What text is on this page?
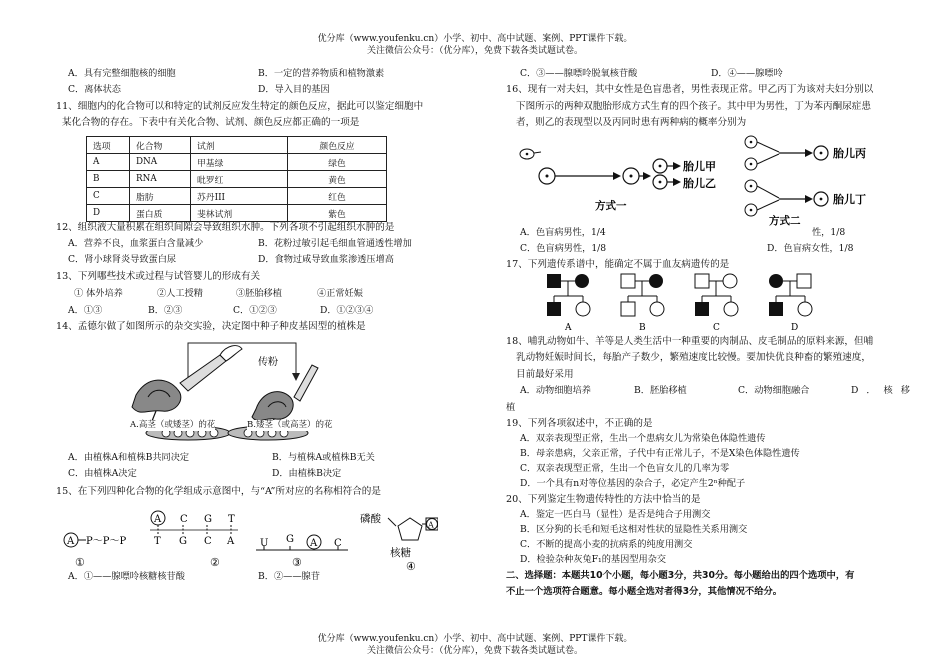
优分库（www.youfenku.cn）小学、初中、高中试题、案例、PPT课件下载。
关注微信公众号：（优分库），免费下载各类试题试卷。
A．具有完整细胞核的细胞	B．一定的营养物质和植物激素
C．离体状态	D．导入目的基因
11、细胞内的化合物可以和特定的试剂反应发生特定的颜色反应，据此可以鉴定细胞中
某化合物的存在。下表中有关化合物、试剂、颜色反应都正确的一项是
选项	化合物	试剂	颜色反应
A	DNA	甲基绿	绿色
B	RNA	吡罗红	黄色
C	脂肪	苏丹III	红色
D	蛋白质	斐林试剂	紫色
12、组织液大量积累在组织间隙会导致组织水肿。下列各项不引起组织水肿的是
A．营养不良，血浆蛋白含量减少	B．花粉过敏引起毛细血管通透性增加
C．肾小球肾炎导致蛋白尿	D．食物过咸导致血浆渗透压增高
13、下列哪些技术或过程与试管婴儿的形成有关
① 体外培养	②人工授精	③胚胎移植	④正常妊娠
A．①③	B．②③	C．①②③	D．①②③④
14、孟德尔做了如图所示的杂交实验，决定图中种子种皮基因型的植株是
传粉
A.高茎（或矮茎）的花	B.矮茎（或高茎）的花
A．由植株A和植株B共同决定	B．与植株A或植株B无关
C．由植株A决定	D．由植株B决定
15、在下列四种化合物的化学组成示意图中，与“A”所对应的名称相符合的是
A P～P～P
①
A C G T
T G C A
②
U G A C
③
磷酸	A
核糖
④
A．①——腺嘌呤核糖核苷酸	B．②——腺苷
C．③——腺嘌呤脱氧核苷酸	D．④——腺嘌呤
16、现有一对夫妇，其中女性是色盲患者，男性表现正常。甲乙丙丁为该对夫妇分别以
下图所示的两种双胞胎形成方式生育的四个孩子。其中甲为男性，丁为苯丙酮尿症患
者，则乙的表现型以及丙同时患有两种病的概率分别为
胎儿甲
胎儿乙
方式一
胎儿丙
胎儿丁
方式二
A．色盲病男性，1/4	性，1/8
C．色盲病男性，1/8	D．色盲病女性，1/8
17、下列遗传系谱中，能确定不属于血友病遗传的是
A	B	C	D
18、哺乳动物如牛、羊等是人类生活中一种重要的肉制品、皮毛制品的原料来源，但哺
乳动物妊娠时间长，每胎产子数少，繁殖速度比较慢。要加快优良种畜的繁殖速度，
目前最好采用
A．动物细胞培养	B．胚胎移植	C．动物细胞融合	D．核移
植
19、下列各项叙述中，不正确的是
A．双亲表现型正常，生出一个患病女儿为常染色体隐性遗传
B．母亲患病，父亲正常，子代中有正常儿子，不是X染色体隐性遗传
C．双亲表现型正常，生出一个色盲女儿的几率为零
D．一个具有n对等位基因的杂合子，必定产生2ⁿ种配子
20、下列鉴定生物遗传特性的方法中恰当的是
A．鉴定一匹白马（显性）是否是纯合子用测交
B．区分狗的长毛和短毛这相对性状的显隐性关系用测交
C．不断的提高小麦的抗病系的纯度用测交
D．检验杂种灰兔F₁的基因型用杂交
二、选择题：本题共10个小题，每小题3分，共30分。每小题给出的四个选项中，有
不止一个选项符合题意。每小题全选对者得3分，其他情况不给分。
优分库（www.youfenku.cn）小学、初中、高中试题、案例、PPT课件下载。
关注微信公众号：（优分库），免费下载各类试题试卷。
